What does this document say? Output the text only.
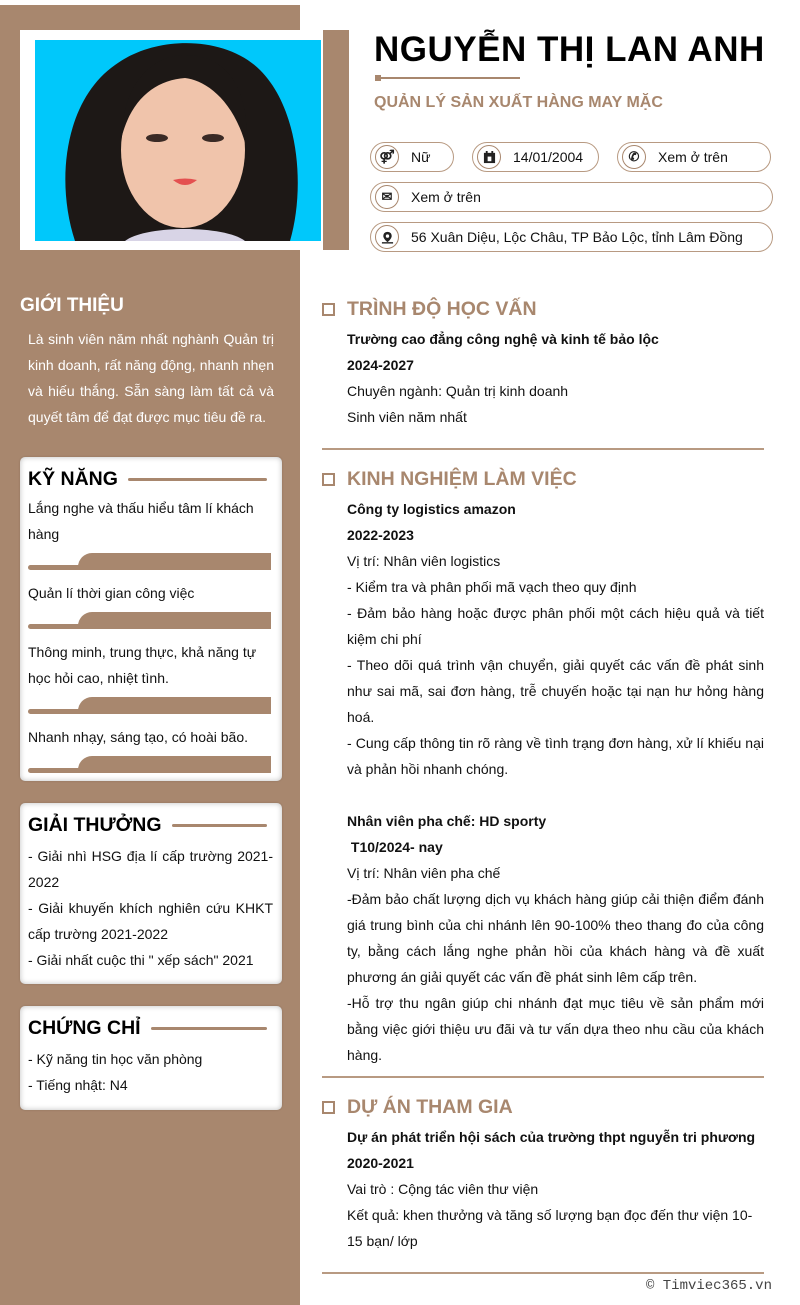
NGUYỄN THỊ LAN ANH
QUẢN LÝ SẢN XUẤT HÀNG MAY MẶC
⚤	Nữ	14/01/2004	✆	Xem ở trên
✉	Xem ở trên
56 Xuân Diệu, Lộc Châu, TP Bảo Lộc, tỉnh Lâm Đồng
GIỚI THIỆU
Là sinh viên năm nhất nghành Quản trị kinh doanh, rất năng động, nhanh nhẹn và hiếu thắng. Sẵn sàng làm tất cả và quyết tâm để đạt được mục tiêu đề ra.
KỸ NĂNG
Lắng nghe và thấu hiểu tâm lí khách hàng
Quản lí thời gian công việc
Thông minh, trung thực, khả năng tự học hỏi cao, nhiệt tình.
Nhanh nhạy, sáng tạo, có hoài bão.
GIẢI THƯỞNG
- Giải nhì HSG địa lí cấp trường 2021-2022
- Giải khuyến khích nghiên cứu KHKT cấp trường 2021-2022
- Giải nhất cuộc thi " xếp sách" 2021
CHỨNG CHỈ
- Kỹ năng tin học văn phòng
- Tiếng nhật: N4
TRÌNH ĐỘ HỌC VẤN
Trường cao đẳng công nghệ và kinh tế bảo lộc
2024-2027
Chuyên ngành: Quản trị kinh doanh
Sinh viên năm nhất
KINH NGHIỆM LÀM VIỆC
Công ty logistics amazon
2022-2023
Vị trí: Nhân viên logistics
- Kiểm tra và phân phối mã vạch theo quy định
- Đảm bảo hàng hoặc được phân phối một cách hiệu quả và tiết kiệm chi phí
- Theo dõi quá trình vận chuyển, giải quyết các vấn đề phát sinh như sai mã, sai đơn hàng, trễ chuyến hoặc tại nạn hư hỏng hàng hoá.
- Cung cấp thông tin rõ ràng về tình trạng đơn hàng, xử lí khiếu nại và phản hồi nhanh chóng.
Nhân viên pha chế: HD sporty
T10/2024- nay
Vị trí: Nhân viên pha chế
-Đảm bảo chất lượng dịch vụ khách hàng giúp cải thiện điểm đánh giá trung bình của chi nhánh lên 90-100% theo thang đo của công ty, bằng cách lắng nghe phản hồi của khách hàng và đề xuất phương án giải quyết các vấn đề phát sinh lêm cấp trên.
-Hỗ trợ thu ngân giúp chi nhánh đạt mục tiêu về sản phẩm mới bằng việc giới thiệu ưu đãi và tư vấn dựa theo nhu cầu của khách hàng.
DỰ ÁN THAM GIA
Dự án phát triển hội sách của trường thpt nguyễn tri phương
2020-2021
Vai trò : Cộng tác viên thư viện
Kết quả: khen thưởng và tăng số lượng bạn đọc đến thư viện 10-15 bạn/ lớp
© Timviec365.vn
